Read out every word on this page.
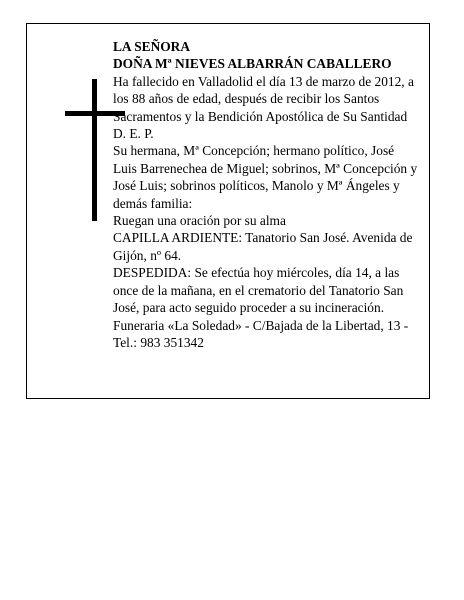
LA SEÑORA

DOÑA Mª NIEVES ALBARRÁN CABALLERO

Ha fallecido en Valladolid el día 13 de marzo de 2012, a los 88 años de edad, después de recibir los Santos Sacramentos y la Bendición Apostólica de Su Santidad

D. E. P.

Su hermana, Mª Concepción; hermano político, José Luis Barrenechea de Miguel; sobrinos, Mª Concepción y José Luis; sobrinos políticos, Manolo y Mª Ángeles y demás familia:

Ruegan una oración por su alma

CAPILLA ARDIENTE: Tanatorio San José. Avenida de Gijón, nº 64.

DESPEDIDA: Se efectúa hoy miércoles, día 14, a las once de la mañana, en el crematorio del Tanatorio San José, para acto seguido proceder a su incineración.

Funeraria «La Soledad» - C/Bajada de la Libertad, 13 - Tel.: 983 351342
